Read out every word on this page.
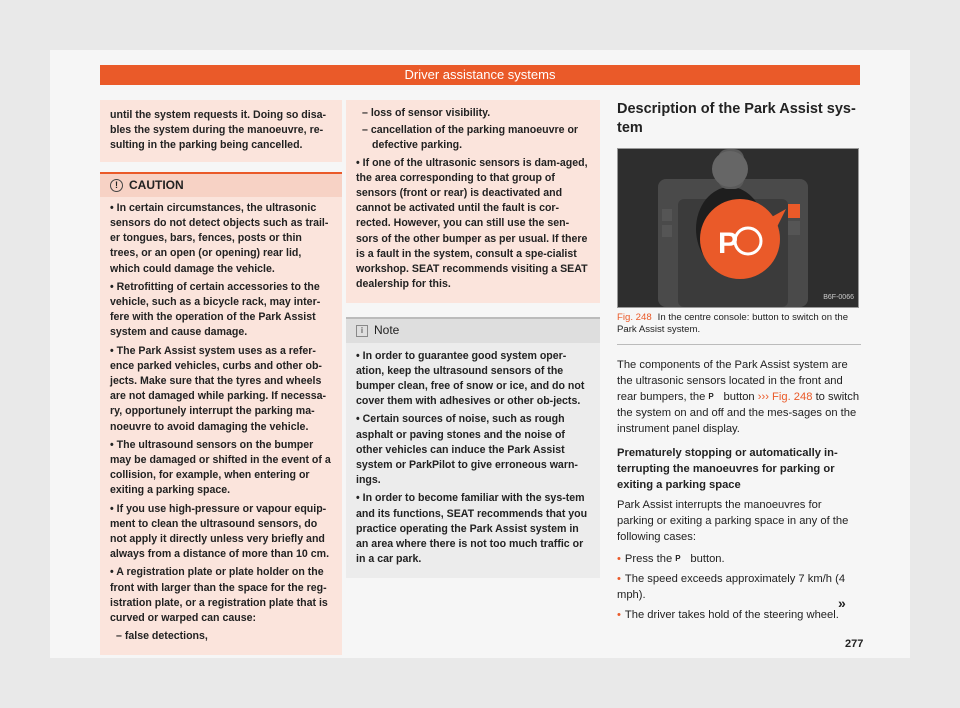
Driver assistance systems
until the system requests it. Doing so disa-bles the system during the manoeuvre, re-sulting in the parking being cancelled.
! CAUTION
• In certain circumstances, the ultrasonic sensors do not detect objects such as trail-er tongues, bars, fences, posts or thin trees, or an open (or opening) rear lid, which could damage the vehicle.
• Retrofitting of certain accessories to the vehicle, such as a bicycle rack, may inter-fere with the operation of the Park Assist system and cause damage.
• The Park Assist system uses as a refer-ence parked vehicles, curbs and other ob-jects. Make sure that the tyres and wheels are not damaged while parking. If necessa-ry, opportunely interrupt the parking ma-noeuvre to avoid damaging the vehicle.
• The ultrasound sensors on the bumper may be damaged or shifted in the event of a collision, for example, when entering or exiting a parking space.
• If you use high-pressure or vapour equip-ment to clean the ultrasound sensors, do not apply it directly unless very briefly and always from a distance of more than 10 cm.
• A registration plate or plate holder on the front with larger than the space for the reg-istration plate, or a registration plate that is curved or warped can cause:
– false detections,
– loss of sensor visibility.
– cancellation of the parking manoeuvre or defective parking.
• If one of the ultrasonic sensors is dam-aged, the area corresponding to that group of sensors (front or rear) is deactivated and cannot be activated until the fault is cor-rected. However, you can still use the sen-sors of the other bumper as per usual. If there is a fault in the system, consult a spe-cialist workshop. SEAT recommends visiting a SEAT dealership for this.
i Note
• In order to guarantee good system oper-ation, keep the ultrasound sensors of the bumper clean, free of snow or ice, and do not cover them with adhesives or other ob-jects.
• Certain sources of noise, such as rough asphalt or paving stones and the noise of other vehicles can induce the Park Assist system or ParkPilot to give erroneous warn-ings.
• In order to become familiar with the sys-tem and its functions, SEAT recommends that you practice operating the Park Assist system in an area where there is not too much traffic or in a car park.
Description of the Park Assist sys-tem
P
B6F-0066
Fig. 248 In the centre console: button to switch on the Park Assist system.
The components of the Park Assist system are the ultrasonic sensors located in the front and rear bumpers, the P button ››› Fig. 248 to switch the system on and off and the mes-sages on the instrument panel display.
Prematurely stopping or automatically in-terrupting the manoeuvres for parking or exiting a parking space
Park Assist interrupts the manoeuvres for parking or exiting a parking space in any of the following cases:
• Press the P button.
• The speed exceeds approximately 7 km/h (4 mph).
• The driver takes hold of the steering wheel.
»
277
